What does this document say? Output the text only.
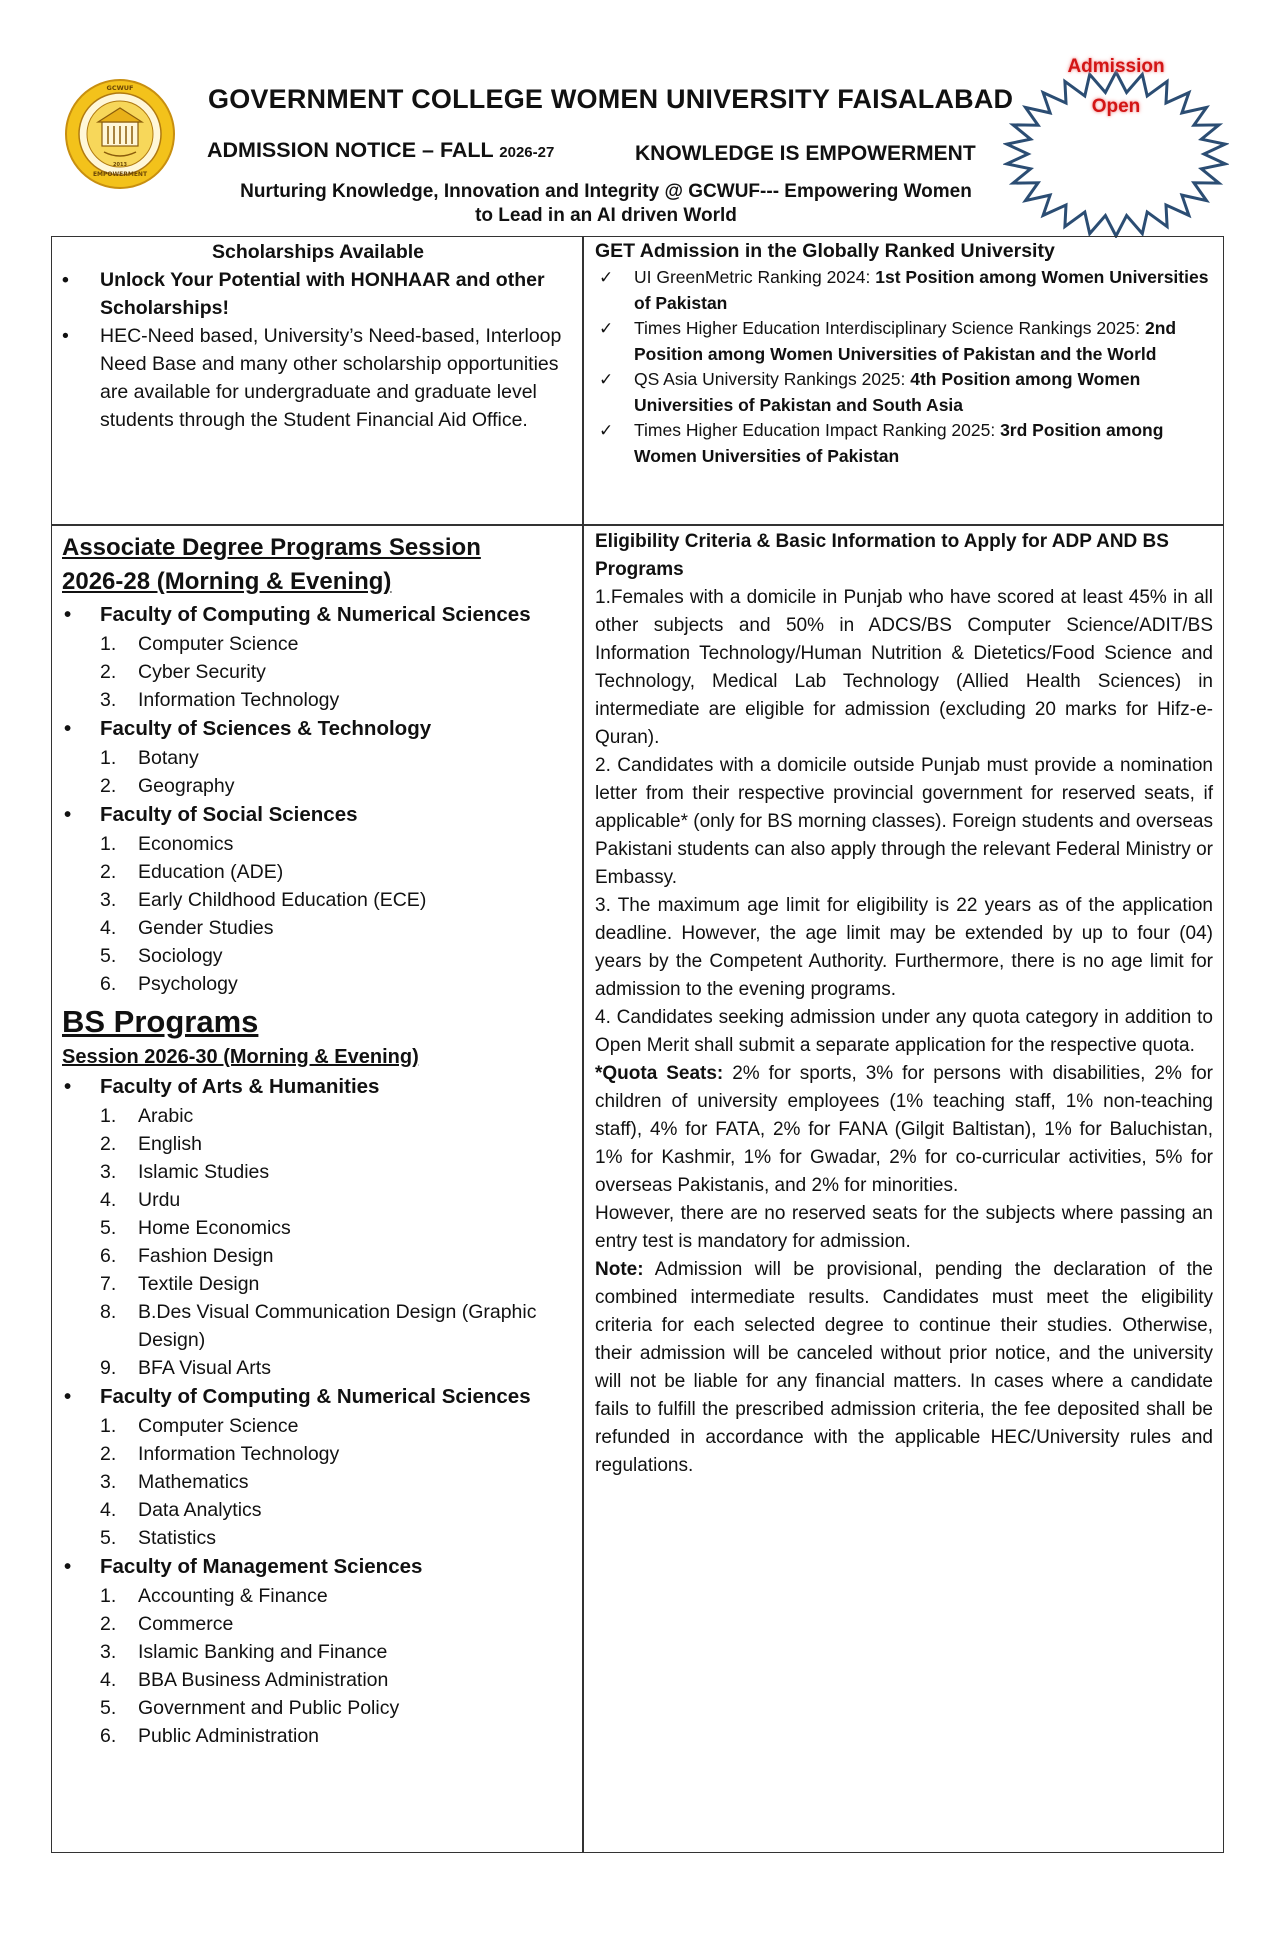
GCWUF
EMPOWERMENT
2013
Admission
Open
GOVERNMENT COLLEGE WOMEN UNIVERSITY FAISALABAD
ADMISSION NOTICE – FALL 2026-27	KNOWLEDGE IS EMPOWERMENT
Nurturing Knowledge, Innovation and Integrity @ GCWUF--- Empowering Women
to Lead in an AI driven World
Scholarships Available
• Unlock Your Potential with HONHAAR and other Scholarships!
• HEC-Need based, University’s Need-based, Interloop Need Base and many other scholarship opportunities are available for undergraduate and graduate level students through the Student Financial Aid Office.
GET Admission in the Globally Ranked University
✓ UI GreenMetric Ranking 2024: 1st Position among Women Universities of Pakistan
✓ Times Higher Education Interdisciplinary Science Rankings 2025: 2nd Position among Women Universities of Pakistan and the World
✓ QS Asia University Rankings 2025: 4th Position among Women Universities of Pakistan and South Asia
✓ Times Higher Education Impact Ranking 2025: 3rd Position among Women Universities of Pakistan
Associate Degree Programs Session
2026-28 (Morning & Evening)
• Faculty of Computing & Numerical Sciences
1. Computer Science
2. Cyber Security
3. Information Technology
• Faculty of Sciences & Technology
1. Botany
2. Geography
• Faculty of Social Sciences
1. Economics
2. Education (ADE)
3. Early Childhood Education (ECE)
4. Gender Studies
5. Sociology
6. Psychology
BS Programs
Session 2026-30 (Morning & Evening)
• Faculty of Arts & Humanities
1. Arabic
2. English
3. Islamic Studies
4. Urdu
5. Home Economics
6. Fashion Design
7. Textile Design
8. B.Des Visual Communication Design (Graphic Design)
9. BFA Visual Arts
• Faculty of Computing & Numerical Sciences
1. Computer Science
2. Information Technology
3. Mathematics
4. Data Analytics
5. Statistics
• Faculty of Management Sciences
1. Accounting & Finance
2. Commerce
3. Islamic Banking and Finance
4. BBA Business Administration
5. Government and Public Policy
6. Public Administration
Eligibility Criteria & Basic Information to Apply for ADP AND BS Programs
1.Females with a domicile in Punjab who have scored at least 45% in all other subjects and 50% in ADCS/BS Computer Science/ADIT/BS Information Technology/Human Nutrition & Dietetics/Food Science and Technology, Medical Lab Technology (Allied Health Sciences) in intermediate are eligible for admission (excluding 20 marks for Hifz-e-Quran).
2. Candidates with a domicile outside Punjab must provide a nomination letter from their respective provincial government for reserved seats, if applicable* (only for BS morning classes). Foreign students and overseas Pakistani students can also apply through the relevant Federal Ministry or Embassy.
3. The maximum age limit for eligibility is 22 years as of the application deadline. However, the age limit may be extended by up to four (04) years by the Competent Authority. Furthermore, there is no age limit for admission to the evening programs.
4. Candidates seeking admission under any quota category in addition to Open Merit shall submit a separate application for the respective quota.
*Quota Seats: 2% for sports, 3% for persons with disabilities, 2% for children of university employees (1% teaching staff, 1% non-teaching staff), 4% for FATA, 2% for FANA (Gilgit Baltistan), 1% for Baluchistan, 1% for Kashmir, 1% for Gwadar, 2% for co-curricular activities, 5% for overseas Pakistanis, and 2% for minorities.
However, there are no reserved seats for the subjects where passing an entry test is mandatory for admission.
Note: Admission will be provisional, pending the declaration of the combined intermediate results. Candidates must meet the eligibility criteria for each selected degree to continue their studies. Otherwise, their admission will be canceled without prior notice, and the university will not be liable for any financial matters. In cases where a candidate fails to fulfill the prescribed admission criteria, the fee deposited shall be refunded in accordance with the applicable HEC/University rules and regulations.
